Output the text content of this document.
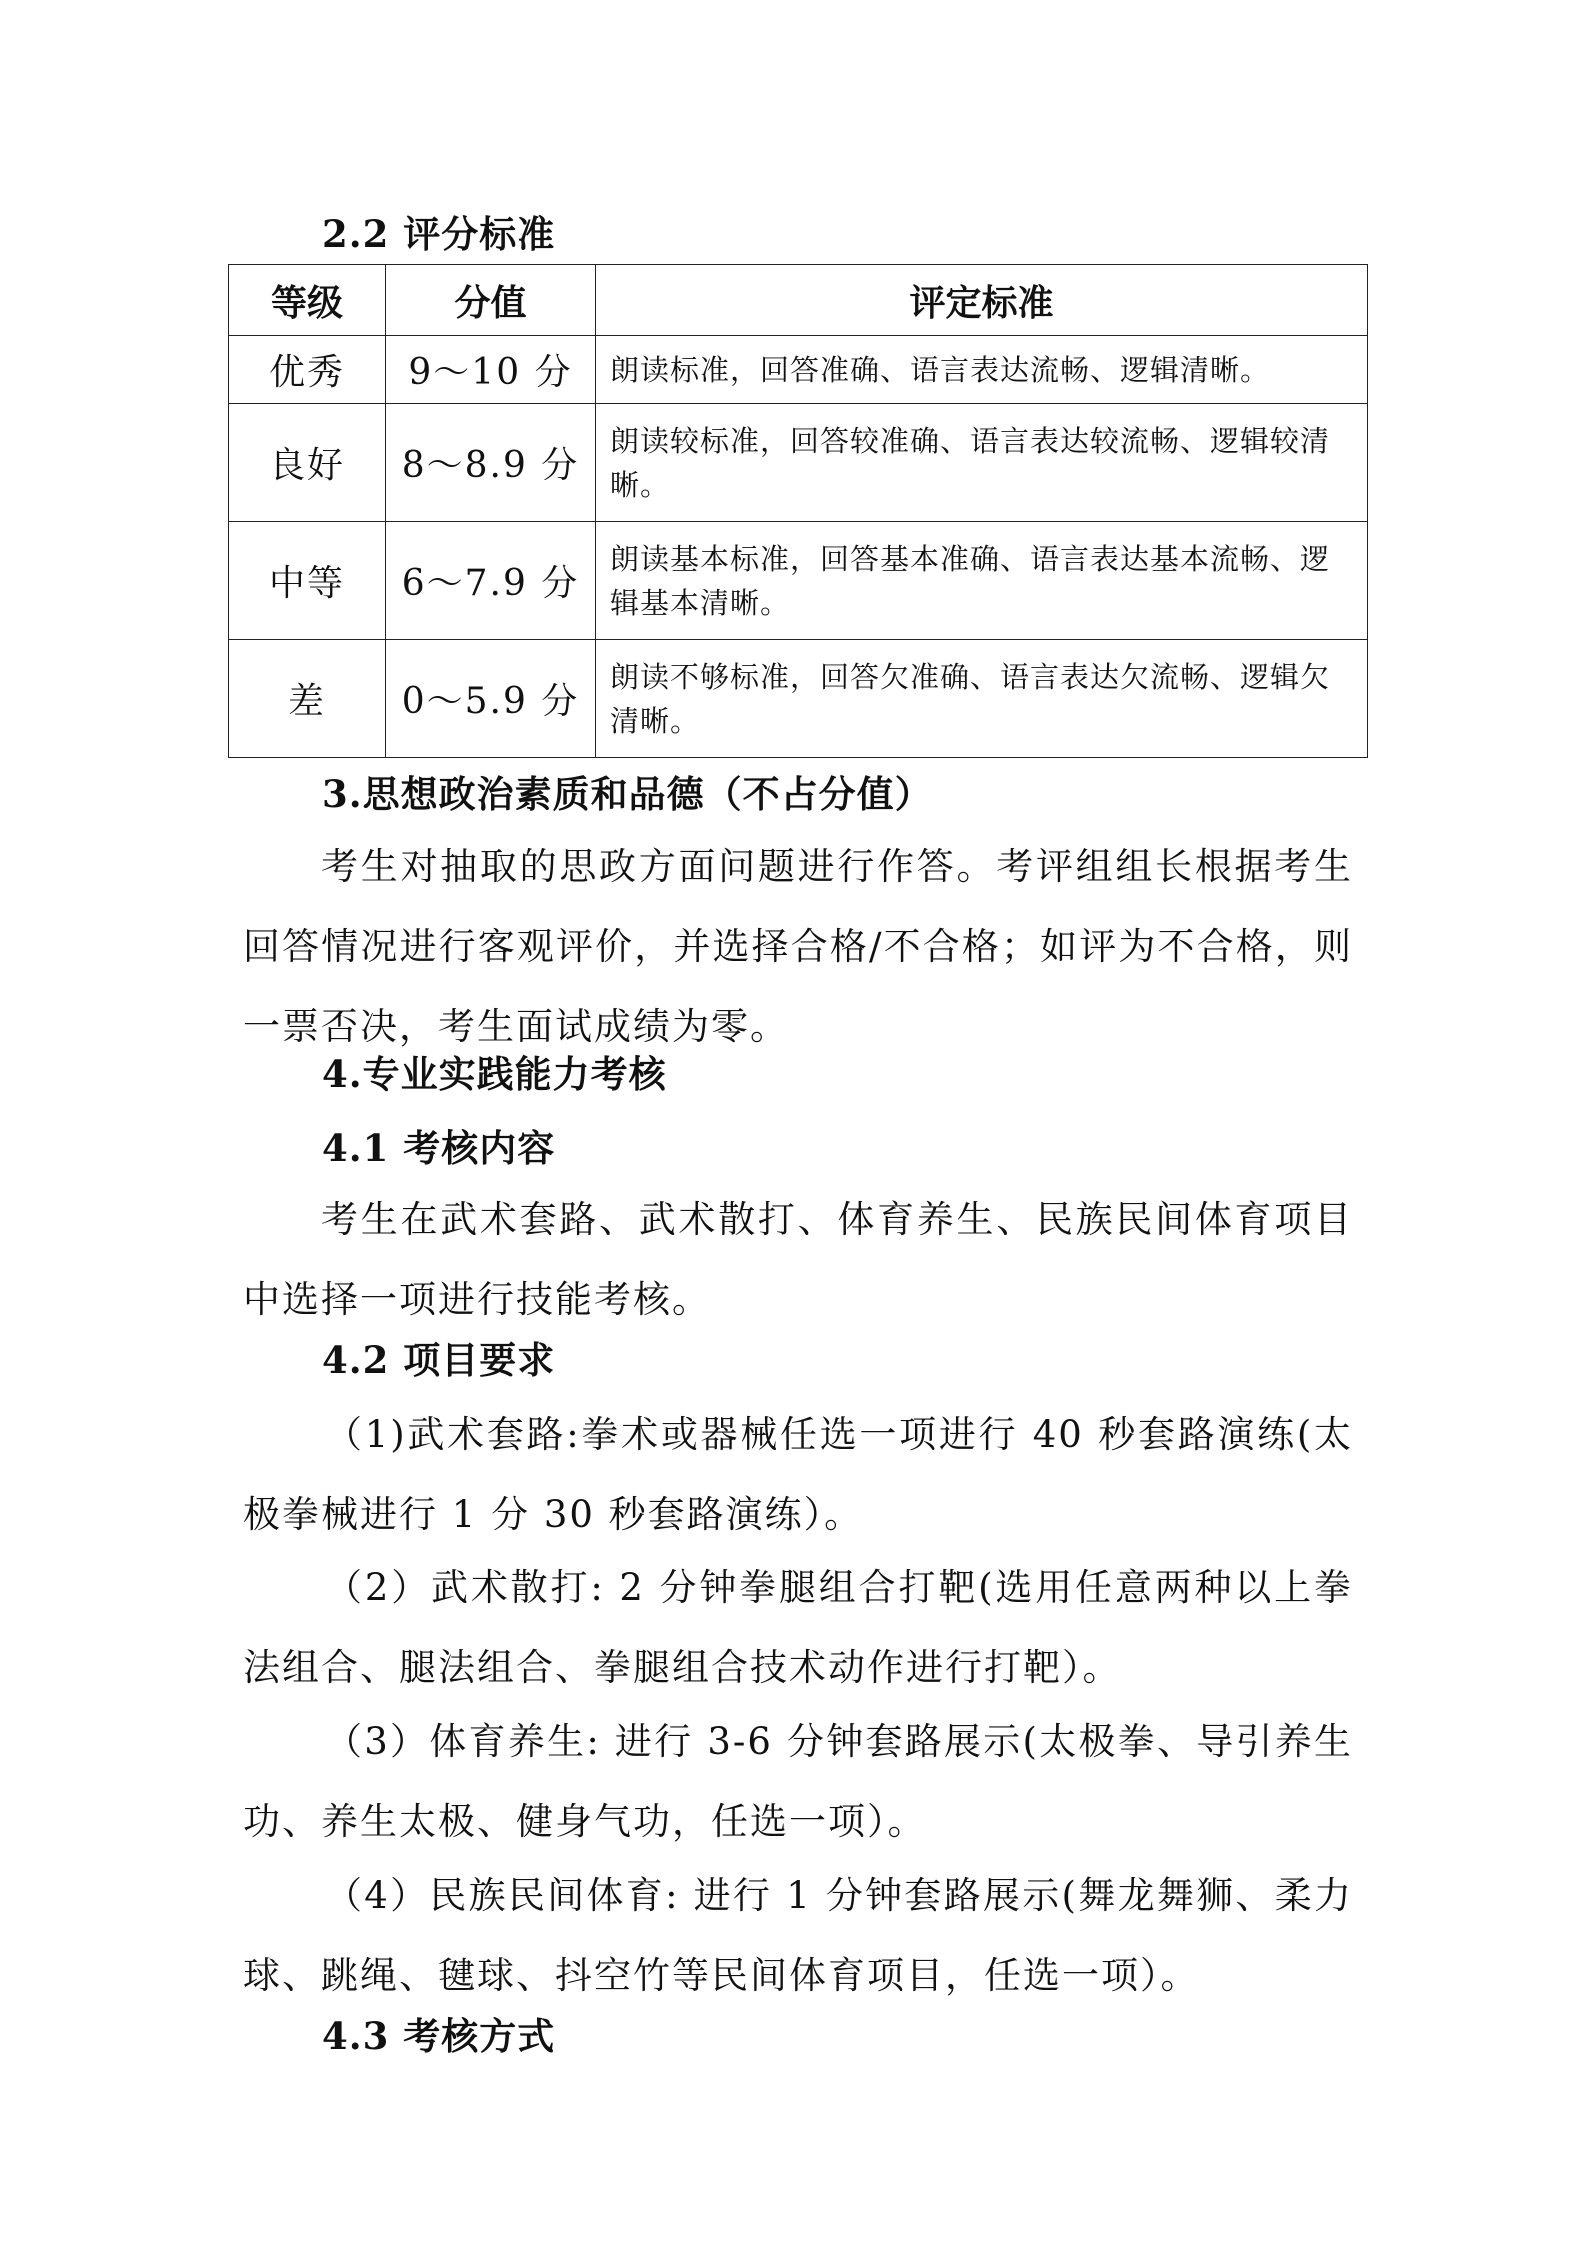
2.2 评分标准
等级	分值	评定标准
优秀	9～10 分	朗读标准，回答准确、语言表达流畅、逻辑清晰。
良好	8～8.9 分	朗读较标准，回答较准确、语言表达较流畅、逻辑较清晰。
中等	6～7.9 分	朗读基本标准，回答基本准确、语言表达基本流畅、逻辑基本清晰。
差	0～5.9 分	朗读不够标准，回答欠准确、语言表达欠流畅、逻辑欠清晰。
3.思想政治素质和品德（不占分值）
考生对抽取的思政方面问题进行作答。考评组组长根据考生回答情况进行客观评价，并选择合格/不合格；如评为不合格，则一票否决，考生面试成绩为零。
4.专业实践能力考核
4.1 考核内容
考生在武术套路、武术散打、体育养生、民族民间体育项目中选择一项进行技能考核。
4.2 项目要求
（1)武术套路:拳术或器械任选一项进行 40 秒套路演练(太极拳械进行 1 分 30 秒套路演练）。
（2）武术散打: 2 分钟拳腿组合打靶(选用任意两种以上拳法组合、腿法组合、拳腿组合技术动作进行打靶）。
（3）体育养生: 进行 3-6 分钟套路展示(太极拳、导引养生功、养生太极、健身气功，任选一项）。
（4）民族民间体育: 进行 1 分钟套路展示(舞龙舞狮、柔力球、跳绳、毽球、抖空竹等民间体育项目，任选一项）。
4.3 考核方式
